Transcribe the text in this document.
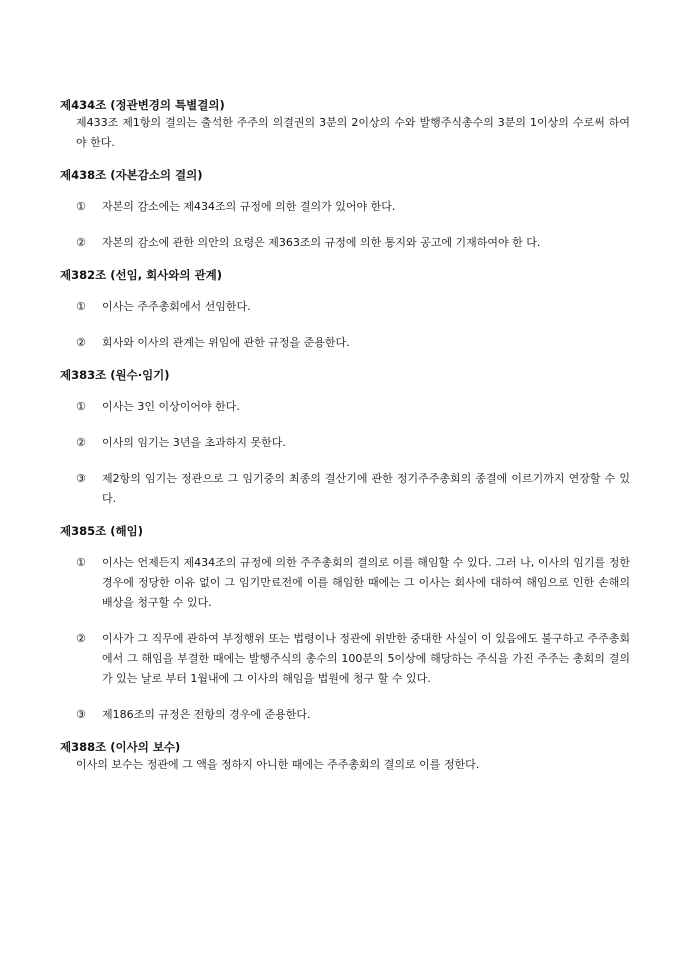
제434조 (정관변경의 특별결의)

제433조 제1항의 결의는 출석한 주주의 의결권의 3분의 2이상의 수와 발행주식총수의 3분의 1이상의 수로써 하여야 한다.

제438조 (자본감소의 결의)

①	자본의 감소에는 제434조의 규정에 의한 결의가 있어야 한다.
②	자본의 감소에 관한 의안의 요령은 제363조의 규정에 의한 통지와 공고에 기재하여야 한 다.

제382조 (선임, 회사와의 관계)

①	이사는 주주총회에서 선임한다.
②	회사와 이사의 관계는 위임에 관한 규정을 준용한다.

제383조 (원수·임기)

①	이사는 3인 이상이어야 한다.
②	이사의 임기는 3년을 초과하지 못한다.
③	제2항의 임기는 정관으로 그 임기중의 최종의 결산기에 관한 정기주주총회의 종결에 이르기까지 연장할 수 있다.

제385조 (해임)

①	이사는 언제든지 제434조의 규정에 의한 주주총회의 결의로 이를 해임할 수 있다. 그러 나, 이사의 임기를 정한 경우에 정당한 이유 없이 그 임기만료전에 이를 해임한 때에는 그 이사는 회사에 대하여 해임으로 인한 손해의 배상을 청구할 수 있다.
②	이사가 그 직무에 관하여 부정행위 또는 법령이나 정관에 위반한 중대한 사실이 이 있음에도 불구하고 주주총회에서 그 해임을 부결한 때에는 발행주식의 총수의 100분의 5이상에 해당하는 주식을 가진 주주는 총회의 결의가 있는 날로 부터 1월내에 그 이사의 해임을 법원에 청구 할 수 있다.
③	제186조의 규정은 전항의 경우에 준용한다.

제388조 (이사의 보수)

이사의 보수는 정관에 그 액을 정하지 아니한 때에는 주주총회의 결의로 이를 정한다.
